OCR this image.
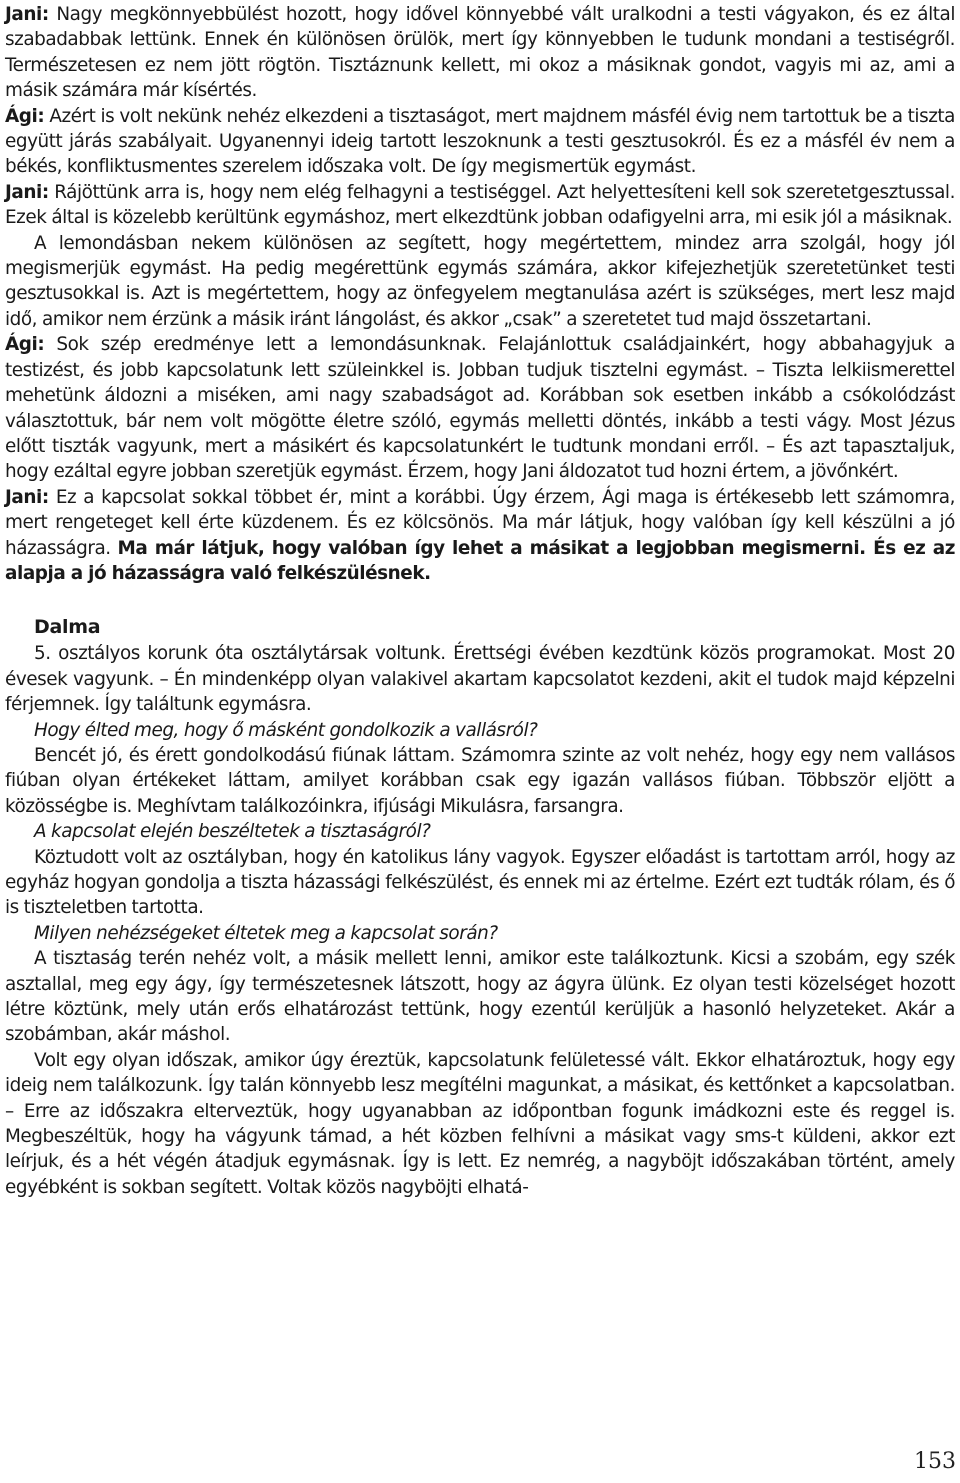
Jani: Nagy megkönnyebbülést hozott, hogy idővel könnyebbé vált uralkodni a testi vágyakon, és ez által szabadabbak lettünk. Ennek én különösen örülök, mert így könnyebben le tudunk mondani a testiségről. Természetesen ez nem jött rögtön. Tisztáznunk kellett, mi okoz a másiknak gondot, vagyis mi az, ami a másik számára már kísértés.

Ági: Azért is volt nekünk nehéz elkezdeni a tisztaságot, mert majdnem másfél évig nem tartottuk be a tiszta együtt járás szabályait. Ugyanennyi ideig tartott leszoknunk a testi gesztusokról. És ez a másfél év nem a békés, konfliktusmentes szerelem időszaka volt. De így megismertük egymást.

Jani: Rájöttünk arra is, hogy nem elég felhagyni a testiséggel. Azt helyettesíteni kell sok szeretetgesztussal. Ezek által is közelebb kerültünk egymáshoz, mert elkezdtünk jobban odafigyelni arra, mi esik jól a másiknak.

A lemondásban nekem különösen az segített, hogy megértettem, mindez arra szolgál, hogy jól megismerjük egymást. Ha pedig megérettünk egymás számára, akkor kifejezhetjük szeretetünket testi gesztusokkal is. Azt is megértettem, hogy az önfegyelem megtanulása azért is szükséges, mert lesz majd idő, amikor nem érzünk a másik iránt lángolást, és akkor „csak” a szeretetet tud majd összetartani.

Ági: Sok szép eredménye lett a lemondásunknak. Felajánlottuk családjainkért, hogy abbahagyjuk a testizést, és jobb kapcsolatunk lett szüleinkkel is. Jobban tudjuk tisztelni egymást. – Tiszta lelkiismerettel mehetünk áldozni a miséken, ami nagy szabadságot ad. Korábban sok esetben inkább a csókolódzást választottuk, bár nem volt mögötte életre szóló, egymás melletti döntés, inkább a testi vágy. Most Jézus előtt tiszták vagyunk, mert a másikért és kapcsolatunkért le tudtunk mondani erről. – És azt tapasztaljuk, hogy ezáltal egyre jobban szeretjük egymást. Érzem, hogy Jani áldozatot tud hozni értem, a jövőnkért.

Jani: Ez a kapcsolat sokkal többet ér, mint a korábbi. Úgy érzem, Ági maga is értékesebb lett számomra, mert rengeteget kell érte küzdenem. És ez kölcsönös. Ma már látjuk, hogy valóban így kell készülni a jó házasságra. Ma már látjuk, hogy valóban így lehet a másikat a legjobban megismerni. És ez az alapja a jó házasságra való felkészülésnek.

Dalma

5. osztályos korunk óta osztálytársak voltunk. Érettségi évében kezdtünk közös programokat. Most 20 évesek vagyunk. – Én mindenképp olyan valakivel akartam kapcsolatot kezdeni, akit el tudok majd képzelni férjemnek. Így találtunk egymásra.

Hogy élted meg, hogy ő másként gondolkozik a vallásról?

Bencét jó, és érett gondolkodású fiúnak láttam. Számomra szinte az volt nehéz, hogy egy nem vallásos fiúban olyan értékeket láttam, amilyet korábban csak egy igazán vallásos fiúban. Többször eljött a közösségbe is. Meghívtam találkozóinkra, ifjúsági Mikulásra, farsangra.

A kapcsolat elején beszéltetek a tisztaságról?

Köztudott volt az osztályban, hogy én katolikus lány vagyok. Egyszer előadást is tartottam arról, hogy az egyház hogyan gondolja a tiszta házassági felkészülést, és ennek mi az értelme. Ezért ezt tudták rólam, és ő is tiszteletben tartotta.

Milyen nehézségeket éltetek meg a kapcsolat során?

A tisztaság terén nehéz volt, a másik mellett lenni, amikor este találkoztunk. Kicsi a szobám, egy szék asztallal, meg egy ágy, így természetesnek látszott, hogy az ágyra ülünk. Ez olyan testi közelséget hozott létre köztünk, mely után erős elhatározást tettünk, hogy ezentúl kerüljük a hasonló helyzeteket. Akár a szobámban, akár máshol.

Volt egy olyan időszak, amikor úgy éreztük, kapcsolatunk felületessé vált. Ekkor elhatároztuk, hogy egy ideig nem találkozunk. Így talán könnyebb lesz megítélni magunkat, a másikat, és kettőnket a kapcsolatban. – Erre az időszakra elterveztük, hogy ugyanabban az időpontban fogunk imádkozni este és reggel is. Megbeszéltük, hogy ha vágyunk támad, a hét közben felhívni a másikat vagy sms-t küldeni, akkor ezt leírjuk, és a hét végén átadjuk egymásnak. Így is lett. Ez nemrég, a nagyböjt időszakában történt, amely egyébként is sokban segített. Voltak közös nagyböjti elhatá-

153
